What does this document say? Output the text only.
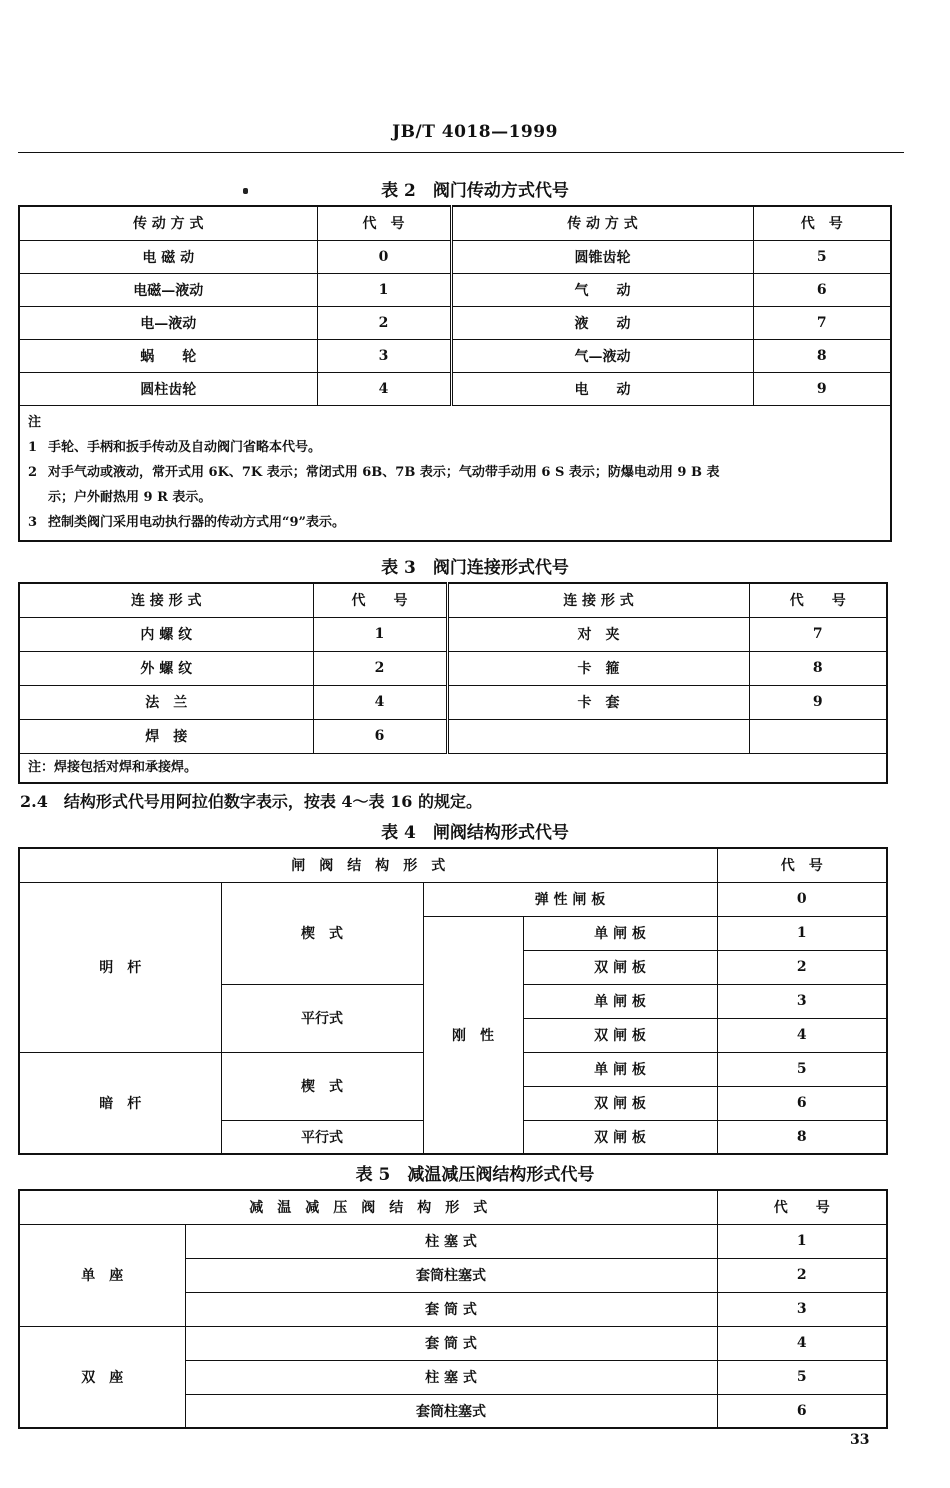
JB/T 4018—1999
表 2　阀门传动方式代号
传 动 方 式	代　号	传 动 方 式	代　号
电 磁 动	0	圆锥齿轮	5
电磁—液动	1	气　　动	6
电—液动	2	液　　动	7
蜗　　轮	3	气—液动	8
圆柱齿轮	4	电　　动	9

注
1 手轮、手柄和扳手传动及自动阀门省略本代号。
2 对手气动或液动，常开式用 6K、7K 表示；常闭式用 6B、7B 表示；气动带手动用 6 S 表示；防爆电动用 9 B 表
示；户外耐热用 9 R 表示。
3 控制类阀门采用电动执行器的传动方式用“9”表示。			
表 3　阀门连接形式代号
连 接 形 式	代　　号	连 接 形 式	代　　号
内 螺 纹	1	对　夹	7
外 螺 纹	2	卡　箍	8
法　兰	4	卡　套	9
焊　接	6		
注：焊接包括对焊和承接焊。			
2.4　结构形式代号用阿拉伯数字表示，按表 4～表 16 的规定。
表 4　闸阀结构形式代号
闸　阀　结　构　形　式				代　号
明　杆	楔　式	弹 性 闸 板		0
		刚　性	单 闸 板	1
			双 闸 板	2
	平行式		单 闸 板	3
			双 闸 板	4
暗　杆	楔　式		单 闸 板	5
			双 闸 板	6
	平行式		双 闸 板	8
表 5　减温减压阀结构形式代号
减　温　减　压　阀　结　构　形　式		代　　号
单　座	柱 塞 式	1
	套筒柱塞式	2
	套 筒 式	3
双　座	套 筒 式	4
	柱 塞 式	5
	套筒柱塞式	6
33
